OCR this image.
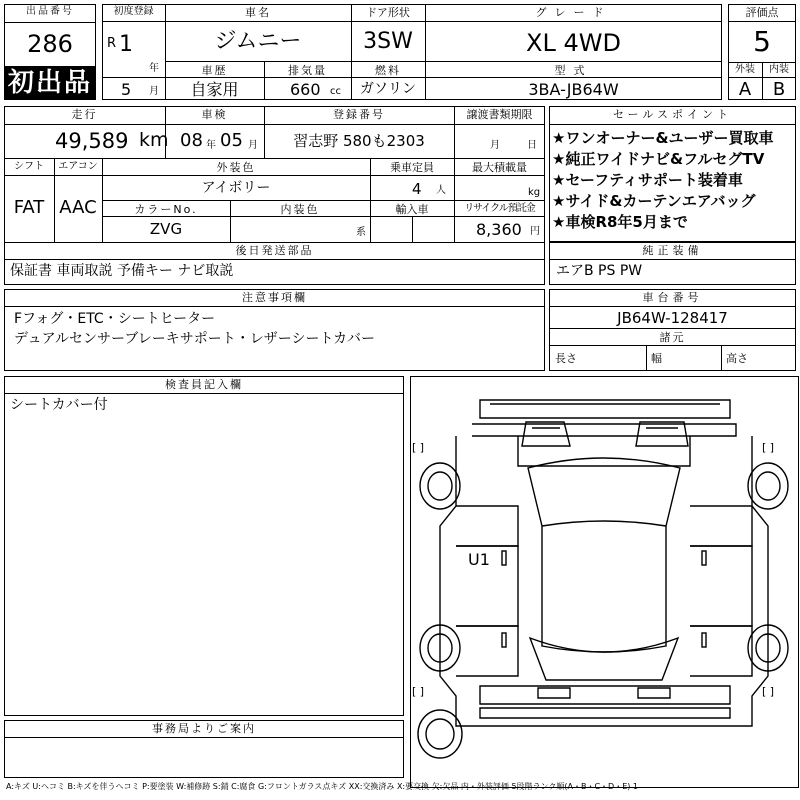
出品番号
286
初出品
初度登録
R 1
年
5 月
車名
ジムニー
ドア形状
3SW
グレード
XL 4WD
車歴
自家用
排気量
660 cc
燃料
ガソリン
型式
3BA-JB64W
評価点
5
外装	内装
A	B
走行
49,589 km
車検
08 年 05 月
登録番号
習志野 580も2303
譲渡書類期限
月	日
シフト
FAT
エアコン
AAC
外装色
アイボリー
乗車定員
4 人
最大積載量
kg
カラーNo.
ZVG
内装色
系
輸入車	リサイクル預託金
8,360 円
後日発送部品
保証書 車両取説 予備キー ナビ取説
セールスポイント
★ワンオーナー&ユーザー買取車
★純正ワイドナビ&フルセグTV
★セーフティサポート装着車
★サイド&カーテンエアバッグ
★車検R8年5月まで
純正装備
エアB PS PW
注意事項欄
Fフォグ・ETC・シートヒーター
デュアルセンサーブレーキサポート・レザーシートカバー
車台番号
JB64W-128417
諸元
長さ	幅	高さ
検査員記入欄
シートカバー付
事務局よりご案内
U1
[ ]	[ ]
[ ]	[ ]
A:キズ U:ヘコミ B:キズを伴うヘコミ P:要塗装 W:補修跡 S:錆 C:腐食 G:フロントガラス点キズ XX:交換済み X:要交換 欠:欠品 内・外装評価 5段階ランク順(A・B・C・D・E) 1
